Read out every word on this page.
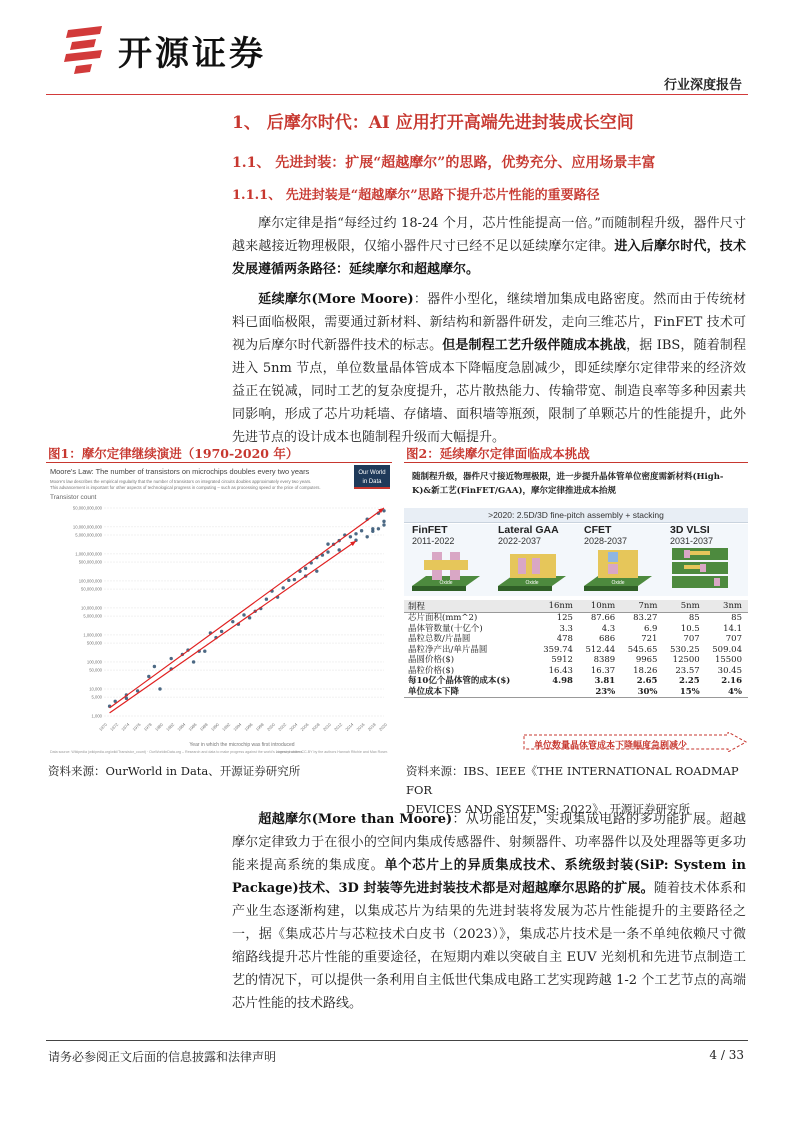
开源证券
行业深度报告
1、 后摩尔时代：AI 应用打开高端先进封装成长空间
1.1、 先进封装：扩展“超越摩尔”的思路，优势充分、应用场景丰富
1.1.1、 先进封装是“超越摩尔”思路下提升芯片性能的重要路径
摩尔定律是指“每经过约 18-24 个月，芯片性能提高一倍。”而随制程升级，器件尺寸越来越接近物理极限，仅缩小器件尺寸已经不足以延续摩尔定律。进入后摩尔时代，技术发展遵循两条路径：延续摩尔和超越摩尔。
延续摩尔(More Moore)：器件小型化，继续增加集成电路密度。然而由于传统材料已面临极限，需要通过新材料、新结构和新器件研发，走向三维芯片，FinFET 技术可视为后摩尔时代新器件技术的标志。但是制程工艺升级伴随成本挑战，据 IBS，随着制程进入 5nm 节点，单位数量晶体管成本下降幅度急剧减少，即延续摩尔定律带来的经济效益正在锐减，同时工艺的复杂度提升，芯片散热能力、传输带宽、制造良率等多种因素共同影响，形成了芯片功耗墙、存储墙、面积墙等瓶颈，限制了单颗芯片的性能提升，此外先进节点的设计成本也随制程升级而大幅提升。
图1：摩尔定律继续演进（1970-2020 年）
Moore's Law: The number of transistors on microchips doubles every two years	Our World
in Data
Moore's law describes the empirical regularity that the number of transistors on integrated circuits doubles approximately every two years.
This advancement is important for other aspects of technological progress in computing – such as processing speed or the price of computers.
Transistor count
50,000,000,000
10,000,000,000
5,000,000,000
1,000,000,000
500,000,000
100,000,000
50,000,000
10,000,000
5,000,000
1,000,000
500,000
100,000
50,000
10,000
5,000
1,000
1970 1972 1974 1976 1978 1980 1982 1984 1986 1988 1990 1992 1994 1996 1998 2000 2002 2004 2006 2008 2010 2012 2014 2016 2018 2020
Year in which the microchip was first introduced
Data source: Wikipedia (wikipedia.org/wiki/Transistor_count) · OurWorldinData.org – Research and data to make progress against the world's largest problems.
Licensed under CC-BY by the authors Hannah Ritchie and Max Roser.
资料来源：OurWorld in Data、开源证券研究所
图2：延续摩尔定律面临成本挑战
随制程升级，器件尺寸接近物理极限，进一步提升晶体管单位密度需新材料(High-K)&新工艺(FinFET/GAA)，摩尔定律推进成本抬规
>2020: 2.5D/3D fine-pitch assembly + stacking
FinFET
2011-2022
Oxide
Lateral GAA
2022-2037
Oxide
CFET
2028-2037
Oxide
3D VLSI
2031-2037
制程	16nm	10nm	7nm	5nm	3nm
芯片面积(mm^2)	125	87.66	83.27	85	85
晶体管数量(十亿个)	3.3	4.3	6.9	10.5	14.1
晶粒总数/片晶圆	478	686	721	707	707
晶粒净产出/单片晶圆	359.74	512.44	545.65	530.25	509.04
晶圆价格($)	5912	8389	9965	12500	15500
晶粒价格($)	16.43	16.37	18.26	23.57	30.45
每10亿个晶体管的成本($)	4.98	3.81	2.65	2.25	2.16
单位成本下降		23%	30%	15%	4%
单位数量晶体管成本下降幅度急剧减少
资料来源：IBS、IEEE《THE INTERNATIONAL ROADMAP FOR
DEVICES AND SYSTEMS: 2022》、开源证券研究所
超越摩尔(More than Moore)：从功能出发，实现集成电路的多功能扩展。超越摩尔定律致力于在很小的空间内集成传感器件、射频器件、功率器件以及处理器等更多功能来提高系统的集成度。单个芯片上的异质集成技术、系统级封装(SiP: System in Package)技术、3D 封装等先进封装技术都是对超越摩尔思路的扩展。随着技术体系和产业生态逐渐构建，以集成芯片为结果的先进封装将发展为芯片性能提升的主要路径之一，据《集成芯片与芯粒技术白皮书（2023）》，集成芯片技术是一条不单纯依赖尺寸微缩路线提升芯片性能的重要途径，在短期内难以突破自主 EUV 光刻机和先进节点制造工艺的情况下，可以提供一条利用自主低世代集成电路工艺实现跨越 1-2 个工艺节点的高端芯片性能的技术路线。
请务必参阅正文后面的信息披露和法律声明	4 / 33
